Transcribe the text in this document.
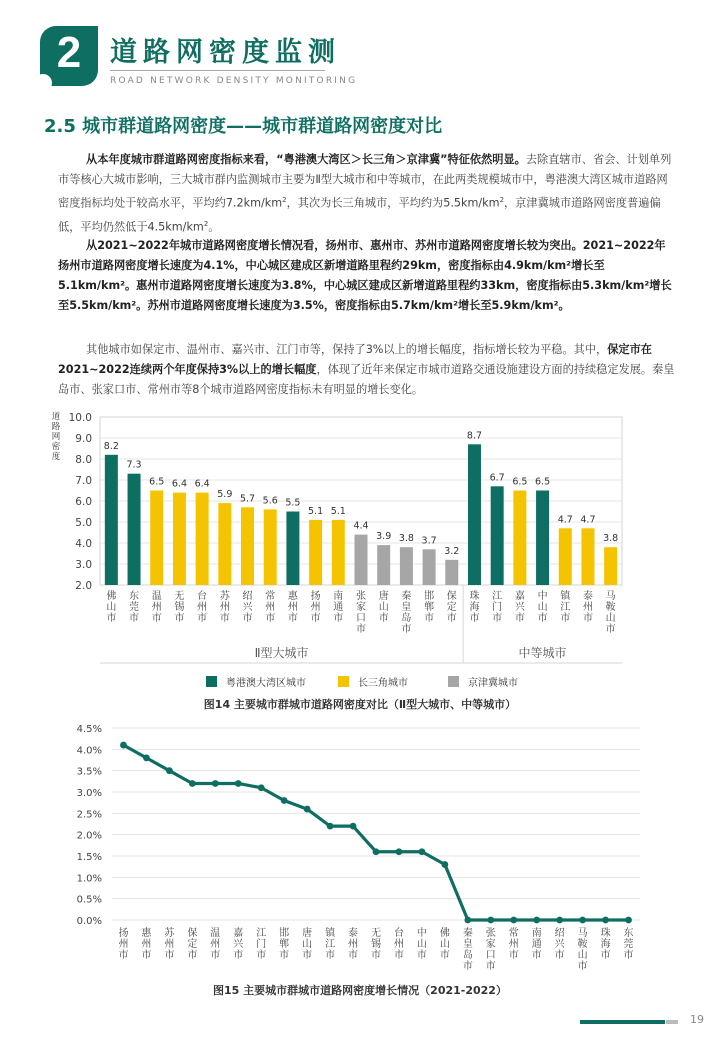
2	道路网密度监测
ROAD NETWORK DENSITY MONITORING
2.5 城市群道路网密度——城市群道路网密度对比
从本年度城市群道路网密度指标来看，“粤港澳大湾区＞长三角＞京津冀”特征依然明显。去除直辖市、省会、计划单列市等核心大城市影响，三大城市群内监测城市主要为Ⅱ型大城市和中等城市，在此两类规模城市中，粤港澳大湾区城市道路网密度指标均处于较高水平，平均约$7.2km/km^2$，其次为长三角城市，平均约为$5.5km/km^2$，京津冀城市道路网密度普遍偏低，平均仍然低于$4.5km/km^2$。
从2021~2022年城市道路网密度增长情况看，扬州市、惠州市、苏州市道路网密度增长较为突出。2021~2022年扬州市道路网密度增长速度为4.1%，中心城区建成区新增道路里程约29km，密度指标由4.9km/km²增长至5.1km/km²。惠州市道路网密度增长速度为3.8%，中心城区建成区新增道路里程约33km，密度指标由5.3km/km²增长至5.5km/km²。苏州市道路网密度增长速度为3.5%，密度指标由5.7km/km²增长至5.9km/km²。
其他城市如保定市、温州市、嘉兴市、江门市等，保持了3%以上的增长幅度，指标增长较为平稳。其中，保定市在2021~2022连续两个年度保持3%以上的增长幅度，体现了近年来保定市城市道路交通设施建设方面的持续稳定发展。秦皇岛市、张家口市、常州市等8个城市道路网密度指标未有明显的增长变化。
2.0
3.0
4.0
5.0
6.0
7.0
8.0
9.0
10.0
道路网密度
8.2
佛山市
7.3
东莞市
6.5
温州市
6.4
无锡市
6.4
台州市
5.9
苏州市
5.7
绍兴市
5.6
常州市
5.5
惠州市
5.1
扬州市
5.1
南通市
4.4
张家口市
3.9
唐山市
3.8
秦皇岛市
3.7
邯郸市
3.2
保定市
Ⅱ型大城市
8.7
珠海市
6.7
江门市
6.5
嘉兴市
6.5
中山市
4.7
镇江市
4.7
泰州市
3.8
马鞍山市
中等城市
粤港澳大湾区城市	长三角城市	京津冀城市
图14 主要城市群城市道路网密度对比（Ⅱ型大城市、中等城市）
0.0%
0.5%
1.0%
1.5%
2.0%
2.5%
3.0%
3.5%
4.0%
4.5%
扬州市
惠州市
苏州市
保定市
温州市
嘉兴市
江门市
邯郸市
唐山市
镇江市
泰州市
无锡市
台州市
中山市
佛山市
秦皇岛市
张家口市
常州市
南通市
绍兴市
马鞍山市
珠海市
东莞市
图15 主要城市群城市道路网密度增长情况（2021-2022）
19
